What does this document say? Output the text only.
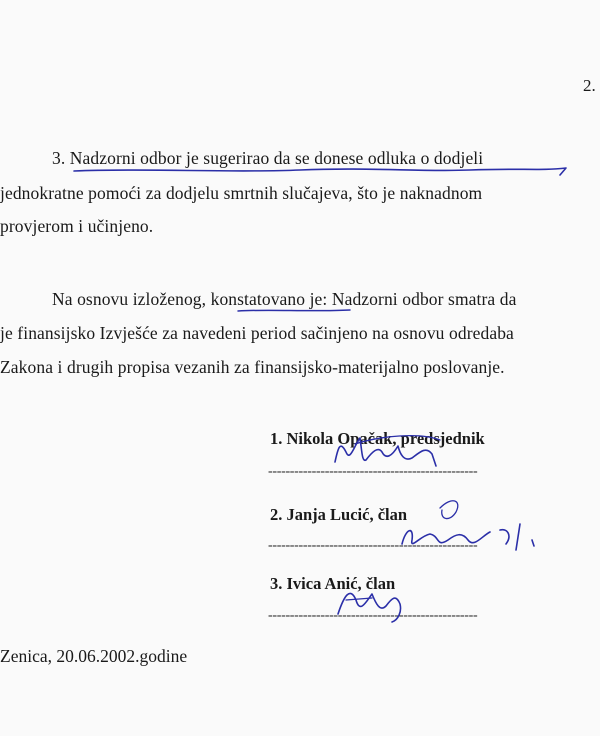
2.
3. Nadzorni odbor je sugerirao da se donese odluka o dodjeli
jednokratne pomoći za dodjelu smrtnih slučajeva, što je naknadnom
provjerom i učinjeno.
Na osnovu izloženog, konstatovano je: Nadzorni odbor smatra da
je finansijsko Izvješće za navedeni period sačinjeno na osnovu odredaba
Zakona i drugih propisa vezanih za finansijsko-materijalno poslovanje.
1. Nikola Opačak, predsjednik
------------------------------------------------
2. Janja Lucić, član
------------------------------------------------
3. Ivica Anić, član
------------------------------------------------
Zenica, 20.06.2002.godine
